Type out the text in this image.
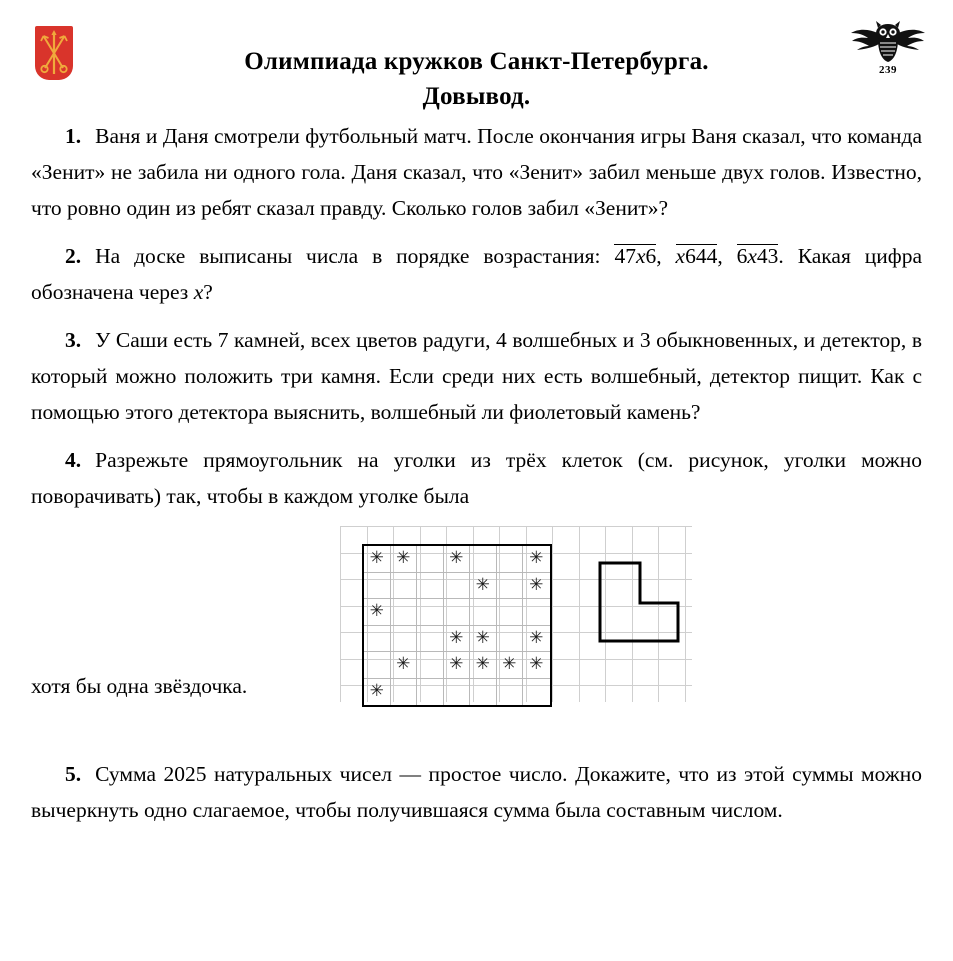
239
Олимпиада кружков Санкт-Петербурга.
Довывод.

1. Ваня и Даня смотрели футбольный матч. После окончания игры Ваня сказал, что команда «Зенит» не забила ни одного гола. Даня сказал, что «Зенит» забил меньше двух голов. Известно, что ровно один из ребят сказал правду. Сколько голов забил «Зенит»?

2. На доске выписаны числа в порядке возрастания: 47x6, x644, 6x43. Какая цифра обозначена через x?

3. У Саши есть 7 камней, всех цветов радуги, 4 волшебных и 3 обыкновенных, и детектор, в который можно положить три камня. Если среди них есть волшебный, детектор пищит. Как с помощью этого детектора выяснить, волшебный ли фиолетовый камень?

4. Разрежьте прямоугольник на уголки из трёх клеток (см. рисунок, уголки можно поворачивать) так, чтобы в каждом уголке была

✳ ✳ ✳	✳
✳ ✳
✳
✳ ✳ ✳
✳ ✳ ✳ ✳ ✳
✳
хотя бы одна звёздочка.

5. Сумма 2025 натуральных чисел — простое число. Докажите, что из этой суммы можно вычеркнуть одно слагаемое, чтобы получившаяся сумма была составным числом.
